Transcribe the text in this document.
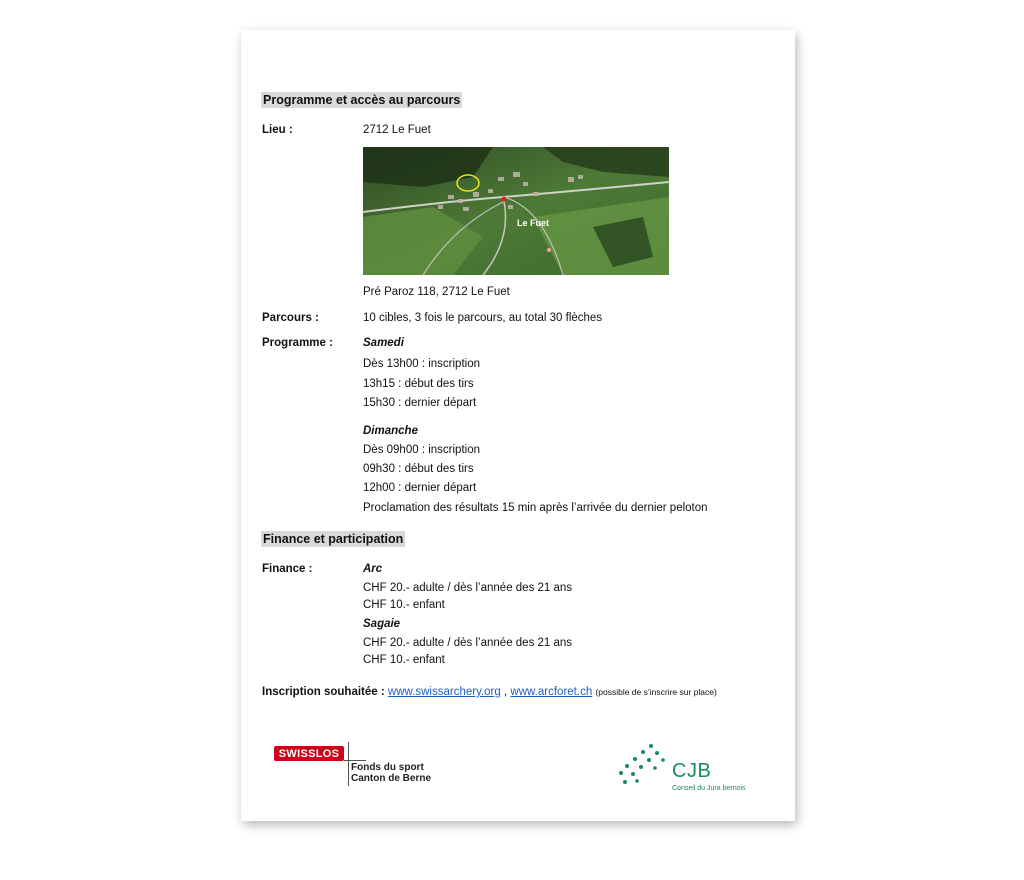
Programme et accès au parcours
Lieu :	2712 Le Fuet
Le Fuet
Pré Paroz 118, 2712 Le Fuet
Parcours :	10 cibles, 3 fois le parcours, au total 30 flèches
Programme :	Samedi
Dès 13h00 : inscription
13h15 : début des tirs
15h30 : dernier départ
Dimanche
Dès 09h00 : inscription
09h30 : début des tirs
12h00 : dernier départ
Proclamation des résultats 15 min après l’arrivée du dernier peloton
Finance et participation
Finance :	Arc
CHF 20.- adulte / dès l’année des 21 ans
CHF 10.- enfant
Sagaie
CHF 20.- adulte / dès l’année des 21 ans
CHF 10.- enfant
Inscription souhaitée : www.swissarchery.org , www.arcforet.ch (possible de s’inscrire sur place)
SWISSLOS
Fonds du sport
Canton de Berne	CJB
Conseil du Jura bernois
